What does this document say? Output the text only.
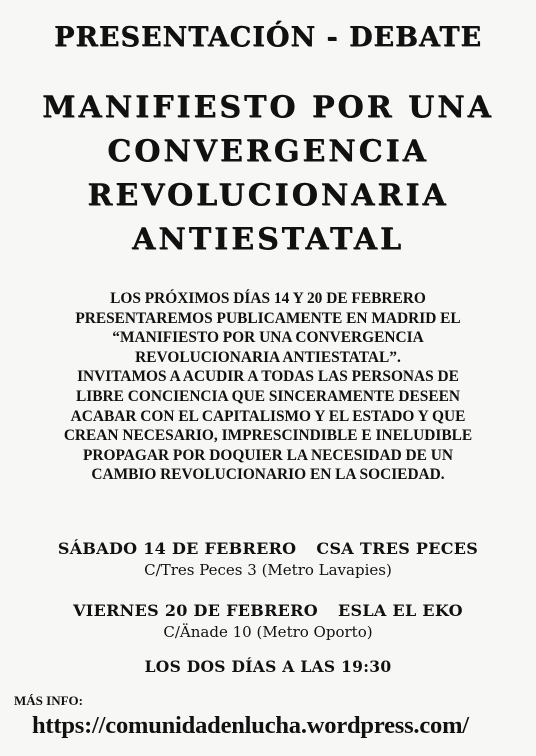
PRESENTACIÓN - DEBATE
MANIFIESTO POR UNA
CONVERGENCIA
REVOLUCIONARIA
ANTIESTATAL
LOS PRÓXIMOS DÍAS 14 Y 20 DE FEBRERO
PRESENTAREMOS PUBLICAMENTE EN MADRID EL
“MANIFIESTO POR UNA CONVERGENCIA
REVOLUCIONARIA ANTIESTATAL”.
INVITAMOS A ACUDIR A TODAS LAS PERSONAS DE
LIBRE CONCIENCIA QUE SINCERAMENTE DESEEN
ACABAR CON EL CAPITALISMO Y EL ESTADO Y QUE
CREAN NECESARIO, IMPRESCINDIBLE E INELUDIBLE
PROPAGAR POR DOQUIER LA NECESIDAD DE UN
CAMBIO REVOLUCIONARIO EN LA SOCIEDAD.
SÁBADO 14 DE FEBRERO CSA TRES PECES
C/Tres Peces 3 (Metro Lavapies)
VIERNES 20 DE FEBRERO ESLA EL EKO
C/Änade 10 (Metro Oporto)
LOS DOS DÍAS A LAS 19:30
MÁS INFO:
https://comunidadenlucha.wordpress.com/
